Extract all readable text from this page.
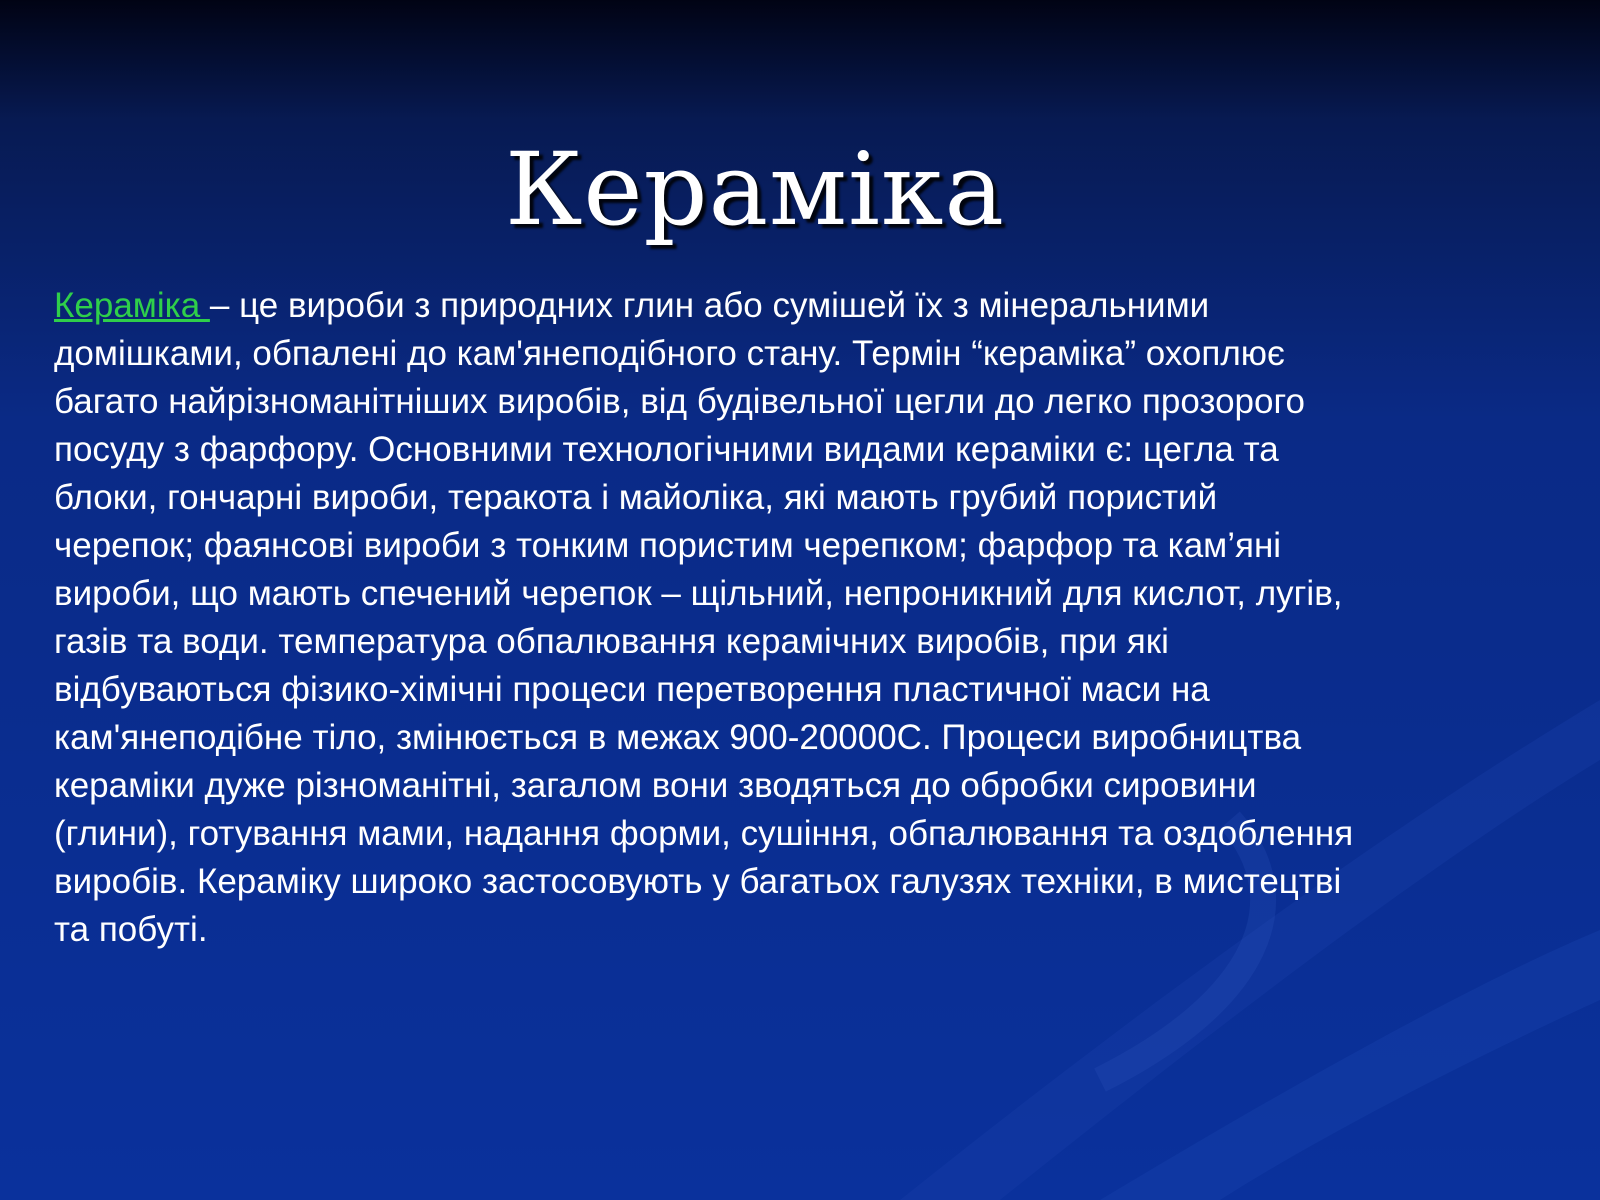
Кераміка

Кераміка – це вироби з природних глин або сумішей їх з мінеральними
домішками, обпалені до кам'янеподібного стану. Термін “кераміка” охоплює
багато найрізноманітніших виробів, від будівельної цегли до легко прозорого
посуду з фарфору. Основними технологічними видами кераміки є: цегла та
блоки, гончарні вироби, теракота і майоліка, які мають грубий пористий
черепок; фаянсові вироби з тонким пористим черепком; фарфор та кам’яні
вироби, що мають спечений черепок – щільний, непроникний для кислот, лугів,
газів та води. температура обпалювання керамічних виробів, при які
відбуваються фізико-хімічні процеси перетворення пластичної маси на
кам'янеподібне тіло, змінюється в межах 900-20000С. Процеси виробництва
кераміки дуже різноманітні, загалом вони зводяться до обробки сировини
(глини), готування мами, надання форми, сушіння, обпалювання та оздоблення
виробів. Кераміку широко застосовують у багатьох галузях техніки, в мистецтві
та побуті.
